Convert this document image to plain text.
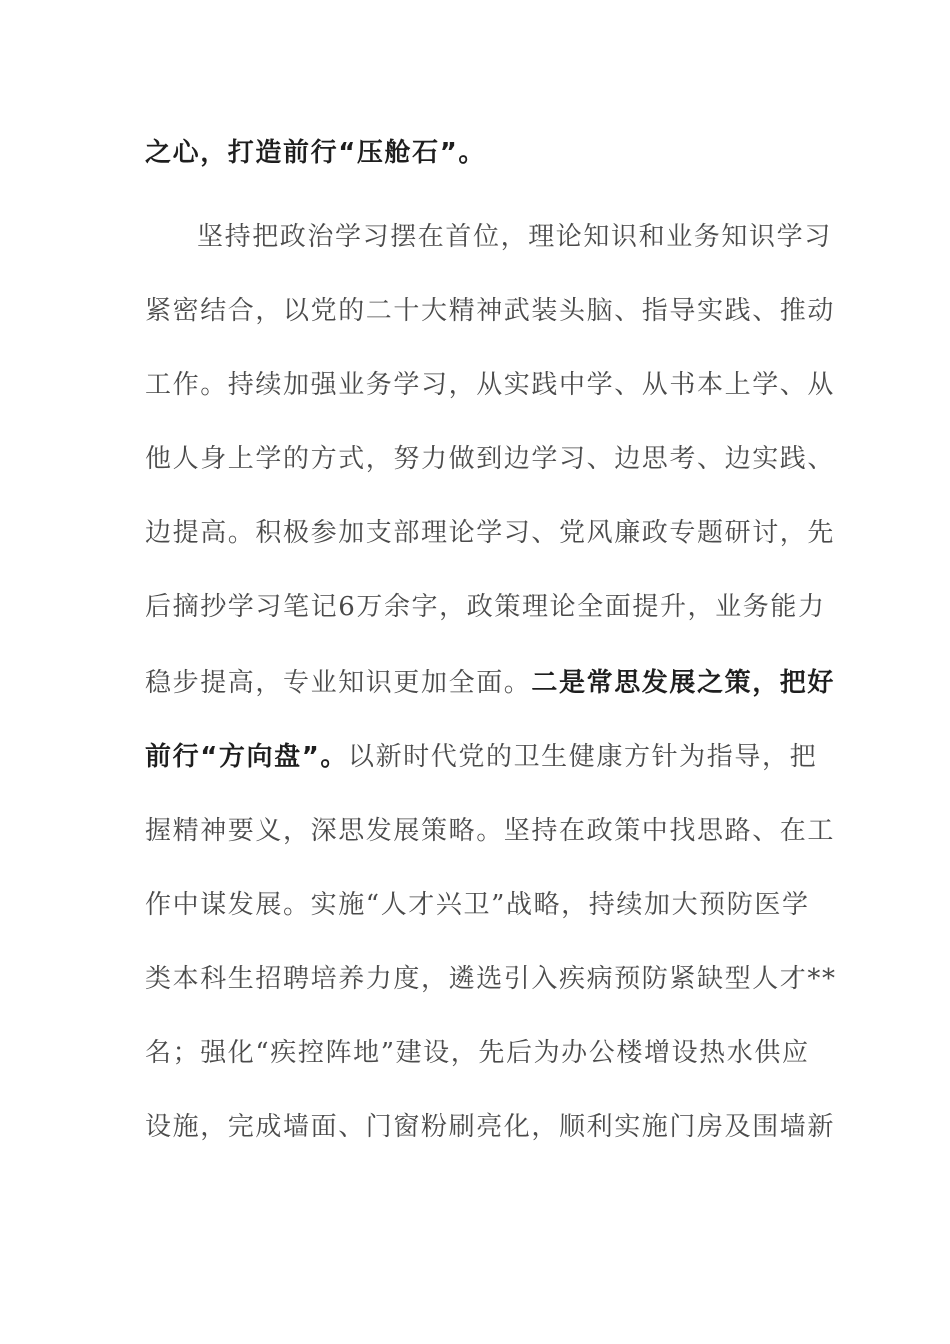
之心，打造前行“压舱石”。
坚持把政治学习摆在首位，理论知识和业务知识学习
紧密结合，以党的二十大精神武装头脑、指导实践、推动
工作。持续加强业务学习，从实践中学、从书本上学、从
他人身上学的方式，努力做到边学习、边思考、边实践、
边提高。积极参加支部理论学习、党风廉政专题研讨，先
后摘抄学习笔记6万余字，政策理论全面提升，业务能力
稳步提高，专业知识更加全面。二是常思发展之策，把好
前行“方向盘”。以新时代党的卫生健康方针为指导，把
握精神要义，深思发展策略。坚持在政策中找思路、在工
作中谋发展。实施“人才兴卫”战略，持续加大预防医学
类本科生招聘培养力度，遴选引入疾病预防紧缺型人才**
名；强化“疾控阵地”建设，先后为办公楼增设热水供应
设施，完成墙面、门窗粉刷亮化，顺利实施门房及围墙新
